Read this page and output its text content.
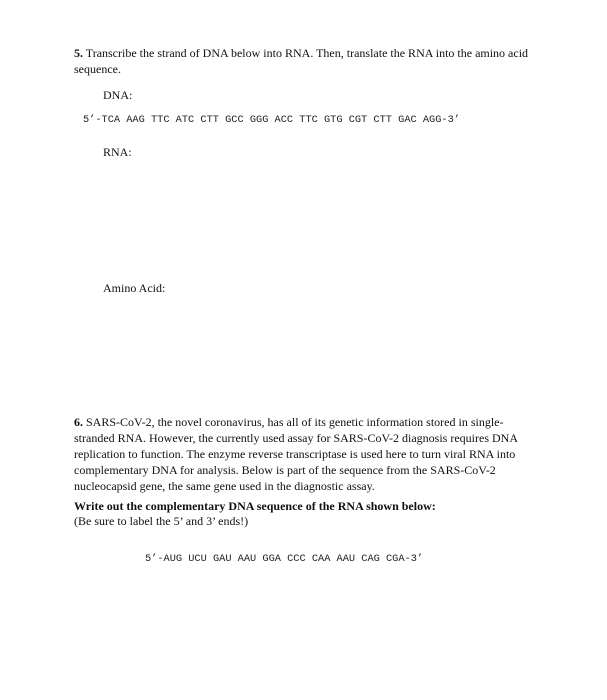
5. Transcribe the strand of DNA below into RNA. Then, translate the RNA into the amino acid sequence.

DNA:
5’-TCA AAG TTC ATC CTT GCC GGG ACC TTC GTG CGT CTT GAC AGG-3’
RNA:
Amino Acid:

6. SARS-CoV-2, the novel coronavirus, has all of its genetic information stored in single-stranded RNA. However, the currently used assay for SARS-CoV-2 diagnosis requires DNA replication to function. The enzyme reverse transcriptase is used here to turn viral RNA into complementary DNA for analysis. Below is part of the sequence from the SARS-CoV-2 nucleocapsid gene, the same gene used in the diagnostic assay.

Write out the complementary DNA sequence of the RNA shown below:
(Be sure to label the 5’ and 3’ ends!)
5’-AUG UCU GAU AAU GGA CCC CAA AAU CAG CGA-3’
